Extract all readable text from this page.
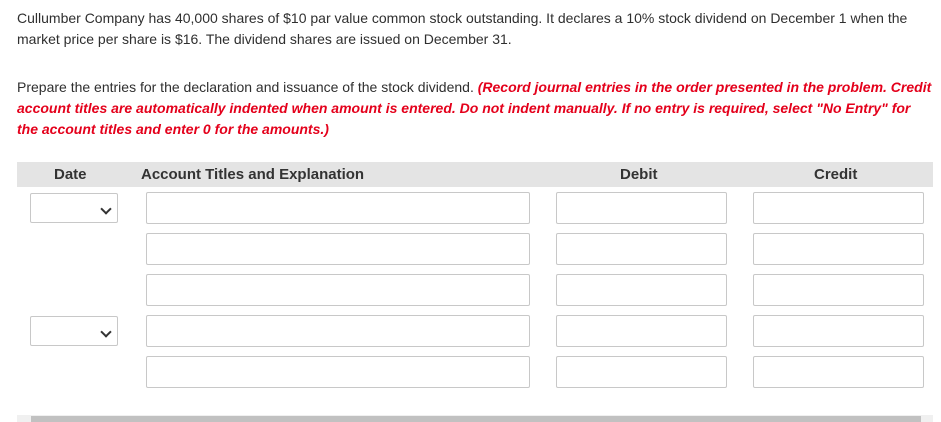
Cullumber Company has 40,000 shares of $10 par value common stock outstanding. It declares a 10% stock dividend on December 1 when the market price per share is $16. The dividend shares are issued on December 31.
Prepare the entries for the declaration and issuance of the stock dividend. (Record journal entries in the order presented in the problem. Credit account titles are automatically indented when amount is entered. Do not indent manually. If no entry is required, select "No Entry" for the account titles and enter 0 for the amounts.)
Date	Account Titles and Explanation	Debit	Credit
